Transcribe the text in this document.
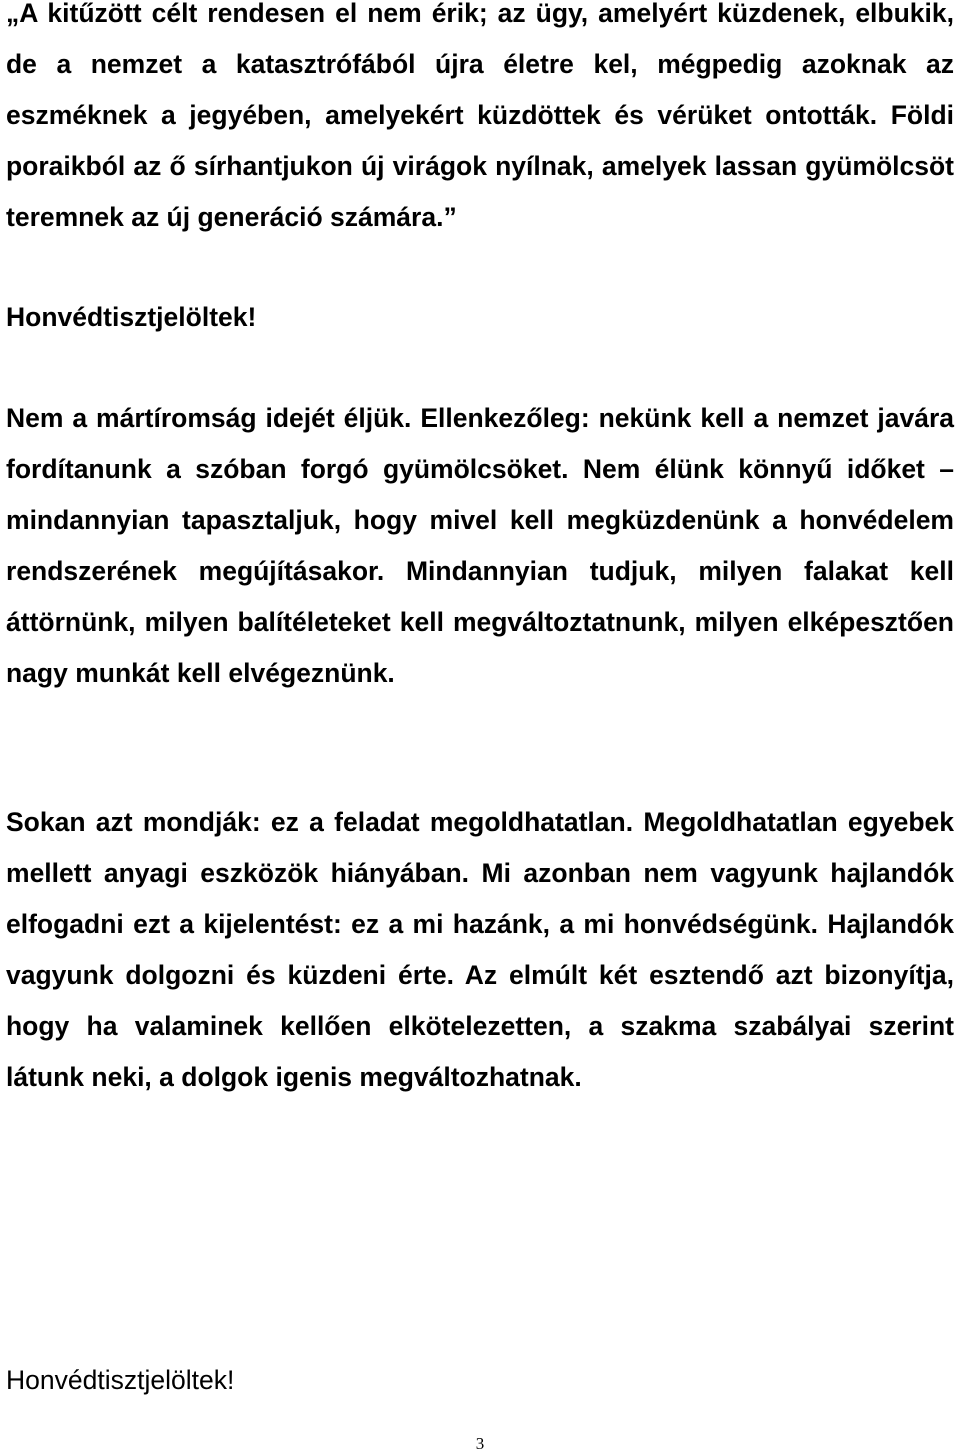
„A kitűzött célt rendesen el nem érik; az ügy, amelyért küzdenek, elbukik, de a nemzet a katasztrófából újra életre kel, mégpedig azoknak az eszméknek a jegyében, amelyekért küzdöttek és vérüket ontották. Földi poraikból az ő sírhantjukon új virágok nyílnak, amelyek lassan gyümölcsöt teremnek az új generáció számára.”

Honvédtisztjelöltek!

Nem a mártíromság idejét éljük. Ellenkezőleg: nekünk kell a nemzet javára fordítanunk a szóban forgó gyümölcsöket. Nem élünk könnyű időket – mindannyian tapasztaljuk, hogy mivel kell megküzdenünk a honvédelem rendszerének megújításakor. Mindannyian tudjuk, milyen falakat kell áttörnünk, milyen balítéleteket kell megváltoztatnunk, milyen elképesztően nagy munkát kell elvégeznünk.

Sokan azt mondják: ez a feladat megoldhatatlan. Megoldhatatlan egyebek mellett anyagi eszközök hiányában. Mi azonban nem vagyunk hajlandók elfogadni ezt a kijelentést: ez a mi hazánk, a mi honvédségünk. Hajlandók vagyunk dolgozni és küzdeni érte. Az elmúlt két esztendő azt bizonyítja, hogy ha valaminek kellően elkötelezetten, a szakma szabályai szerint látunk neki, a dolgok igenis megváltozhatnak.

Honvédtisztjelöltek!

3
